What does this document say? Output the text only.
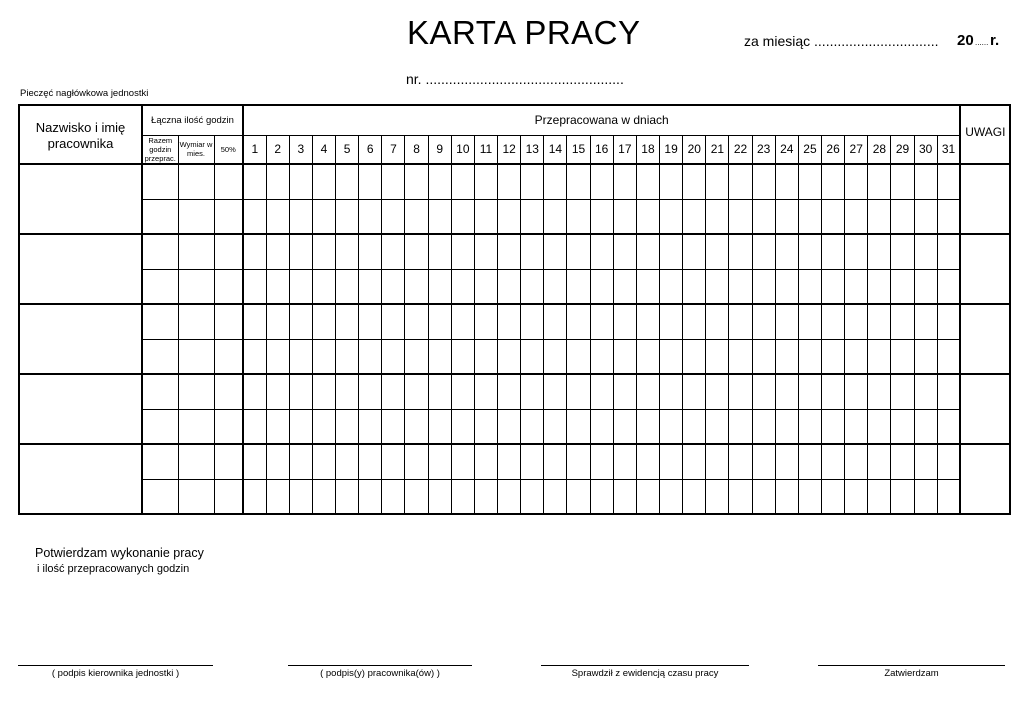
KARTA PRACY	za miesiąc ................................ 20 ...... r.
nr. ...................................................
Pieczęć nagłówkowa jednostki
Nazwisko i imię pracownika	Łączna ilość godzin			Przepracowana w dniach																															UWAGI
	Razem godzin przeprac.	Wymiar w mies.	50%	1	2	3	4	5	6	7	8	9	10	11	12	13	14	15	16	17	18	19	20	21	22	23	24	25	26	27	28	29	30	31	

Potwierdzam wykonanie pracy
i ilość przepracowanych godzin
( podpis kierownika jednostki )	( podpis(y) pracownika(ów) )	Sprawdził z ewidencją czasu pracy	Zatwierdzam
